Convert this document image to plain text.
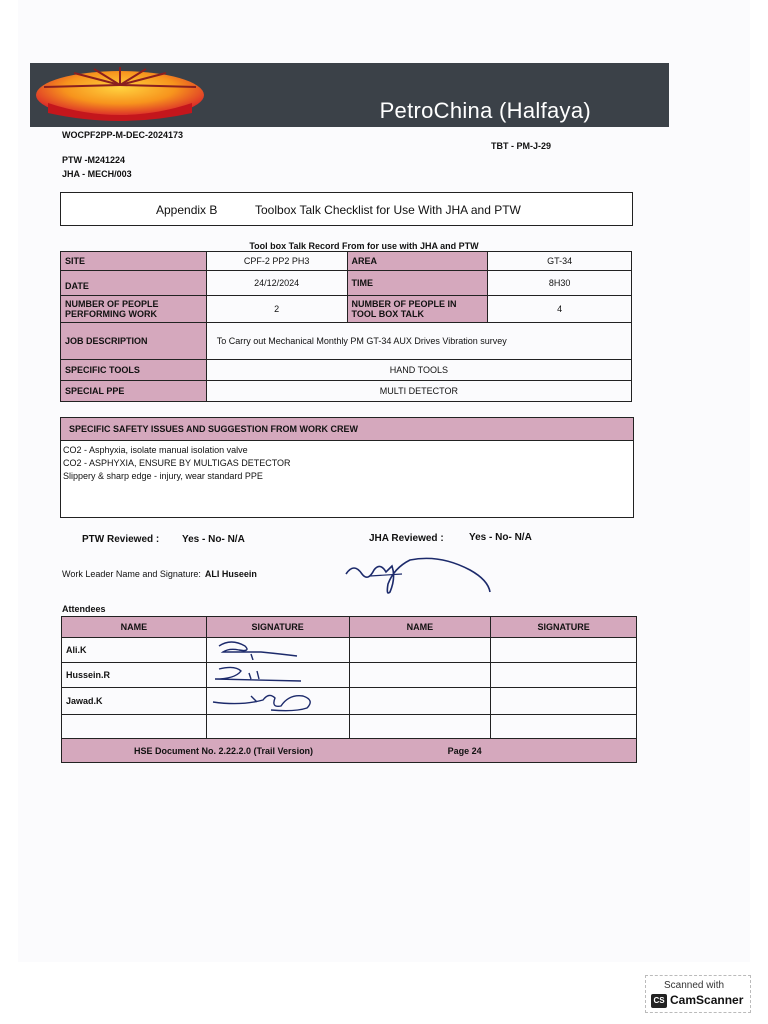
PetroChina (Halfaya)
WOCPF2PP-M-DEC-2024173
TBT - PM-J-29
PTW -M241224
JHA - MECH/003
Appendix B	Toolbox Talk Checklist for Use With JHA and PTW
Tool box Talk Record From for use with JHA and PTW
SITE	CPF-2 PP2 PH3	AREA	GT-34
DATE	24/12/2024	TIME	8H30
NUMBER OF PEOPLE PERFORMING WORK	2	NUMBER OF PEOPLE IN TOOL BOX TALK	4
JOB DESCRIPTION	To Carry out Mechanical Monthly PM GT-34 AUX Drives Vibration survey		
SPECIFIC TOOLS	HAND TOOLS		
SPECIAL PPE	MULTI DETECTOR		
SPECIFIC SAFETY ISSUES AND SUGGESTION FROM WORK CREW
CO2 - Asphyxia, isolate manual isolation valve
CO2 - ASPHYXIA, ENSURE BY MULTIGAS DETECTOR
Slippery & sharp edge - injury, wear standard PPE
PTW Reviewed : Yes - No- N/A	JHA Reviewed :	Yes - No- N/A
Work Leader Name and Signature: ALI Huseein
Attendees
NAME	SIGNATURE	NAME	SIGNATURE
Ali.K			
Hussein.R			
Jawad.K			

HSE Document No. 2.22.2.0 (Trail Version) Page 24			
Scanned with
CS CamScanner
